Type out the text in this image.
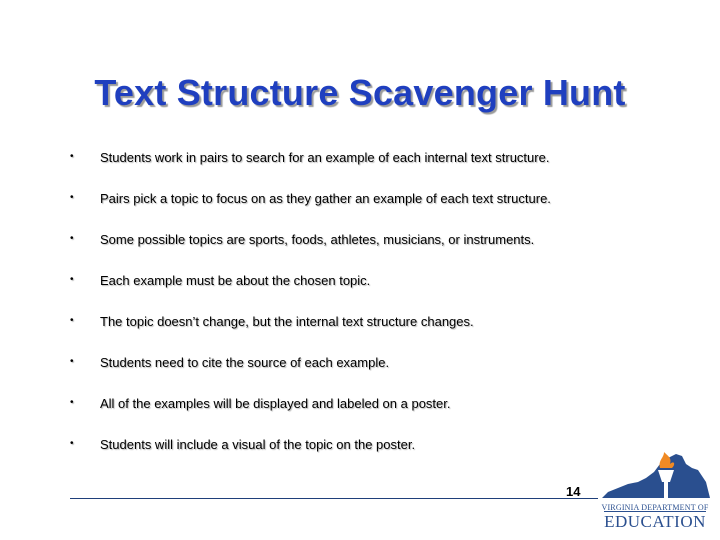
Text Structure Scavenger Hunt
• Students work in pairs to search for an example of each internal text structure.
• Pairs pick a topic to focus on as they gather an example of each text structure.
• Some possible topics are sports, foods, athletes, musicians, or instruments.
• Each example must be about the chosen topic.
• The topic doesn’t change, but the internal text structure changes.
• Students need to cite the source of each example.
• All of the examples will be displayed and labeled on a poster.
• Students will include a visual of the topic on the poster.
14
VIRGINIA DEPARTMENT OF
EDUCATION
